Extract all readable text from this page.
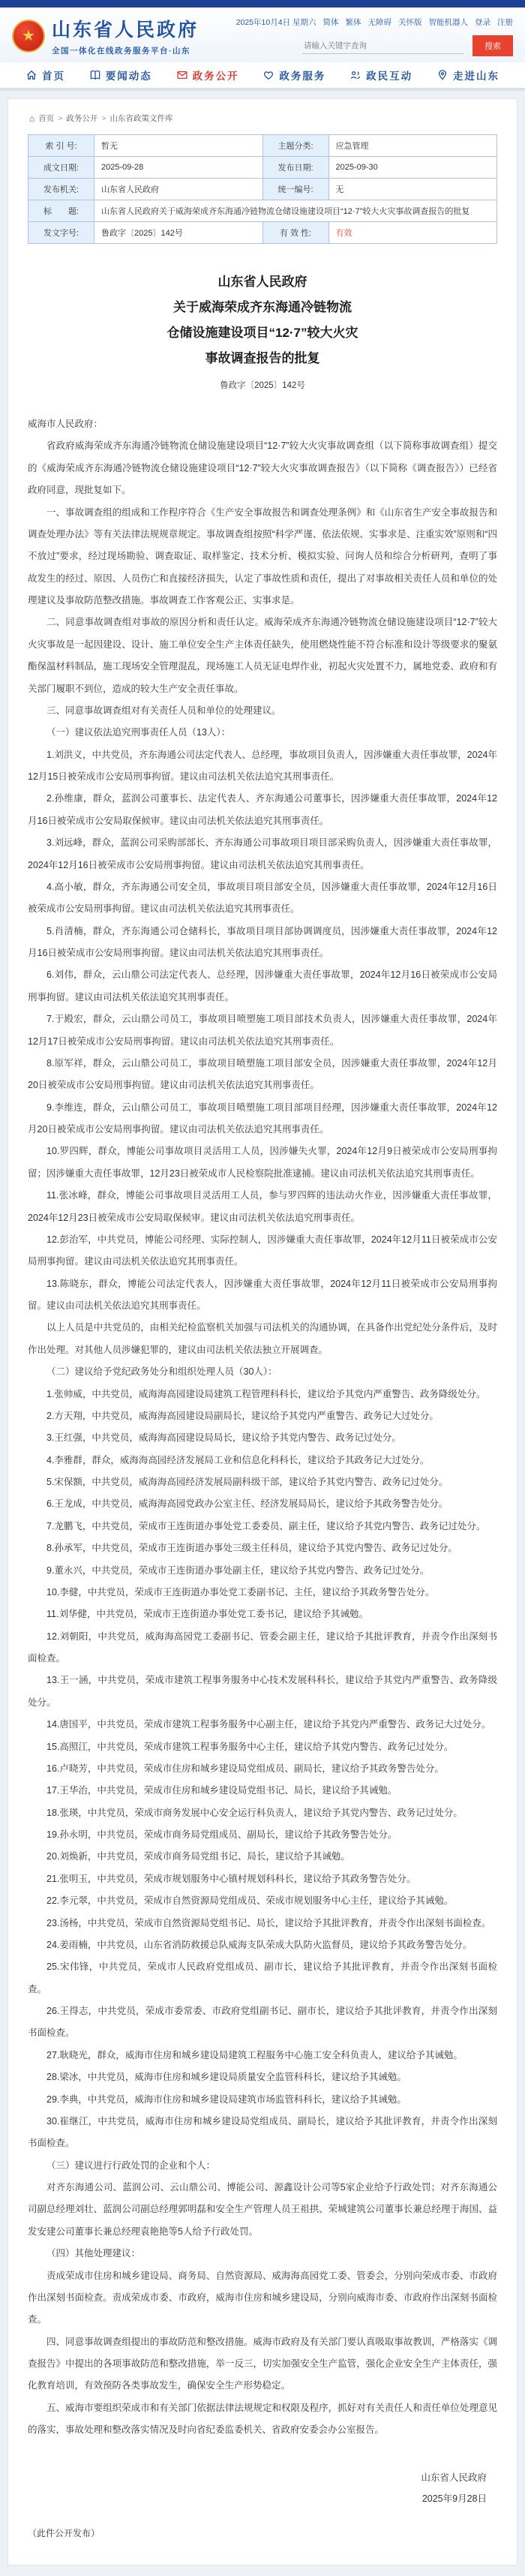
★ 山东省人民政府
全国一体化在线政务服务平台·山东
2025年10月4日 星期六 简体 繁体 无障碍 关怀版 智能机器人 登录 注册
请输入关键字查询
搜索
首页	要闻动态	政务公开	政务服务	政民互动	走进山东
⌂ 首页 > 政务公开 > 山东省政策文件库
索 引 号:	暂无	主题分类:	应急管理
成文日期:	2025-09-28	发布日期:	2025-09-30
发布机关:	山东省人民政府	统一编号:	无
标　　题:	山东省人民政府关于威海荣成齐东海通冷链物流仓储设施建设项目“12·7”较大火灾事故调查报告的批复		
发文字号:	鲁政字〔2025〕142号	有 效 性:	有效
山东省人民政府
关于威海荣成齐东海通冷链物流
仓储设施建设项目“12·7”较大火灾
事故调查报告的批复
鲁政字〔2025〕142号

威海市人民政府：

省政府威海荣成齐东海通冷链物流仓储设施建设项目“12·7”较大火灾事故调查组（以下简称事故调查组）提交的《威海荣成齐东海通冷链物流仓储设施建设项目“12·7”较大火灾事故调查报告》（以下简称《调查报告》）已经省政府同意，现批复如下。

一、事故调查组的组成和工作程序符合《生产安全事故报告和调查处理条例》和《山东省生产安全事故报告和调查处理办法》等有关法律法规规章规定。事故调查组按照“科学严谨、依法依规、实事求是、注重实效”原则和“四不放过”要求，经过现场勘验、调查取证、取样鉴定、技术分析、模拟实验、问询人员和综合分析研判，查明了事故发生的经过、原因、人员伤亡和直接经济损失，认定了事故性质和责任，提出了对事故相关责任人员和单位的处理建议及事故防范整改措施。事故调查工作客观公正、实事求是。

二、同意事故调查组对事故的原因分析和责任认定。威海荣成齐东海通冷链物流仓储设施建设项目“12·7”较大火灾事故是一起因建设、设计、施工单位安全生产主体责任缺失，使用燃烧性能不符合标准和设计等级要求的聚氨酯保温材料制品，施工现场安全管理混乱，现场施工人员无证电焊作业，初起火灾处置不力，属地党委、政府和有关部门履职不到位，造成的较大生产安全责任事故。

三、同意事故调查组对有关责任人员和单位的处理建议。

（一）建议依法追究刑事责任人员（13人）：

1.刘洪义，中共党员，齐东海通公司法定代表人、总经理，事故项目负责人，因涉嫌重大责任事故罪，2024年12月15日被荣成市公安局刑事拘留。建议由司法机关依法追究其刑事责任。

2.孙维康，群众，蓝润公司董事长、法定代表人、齐东海通公司董事长，因涉嫌重大责任事故罪，2024年12月16日被荣成市公安局取保候审。建议由司法机关依法追究其刑事责任。

3.刘远峰，群众，蓝润公司采购部部长、齐东海通公司事故项目项目部采购负责人，因涉嫌重大责任事故罪，2024年12月16日被荣成市公安局刑事拘留。建议由司法机关依法追究其刑事责任。

4.高小敏，群众，齐东海通公司安全员，事故项目项目部安全员，因涉嫌重大责任事故罪，2024年12月16日被荣成市公安局刑事拘留。建议由司法机关依法追究其刑事责任。

5.肖清楠，群众，齐东海通公司仓储科长，事故项目项目部协调调度员，因涉嫌重大责任事故罪，2024年12月16日被荣成市公安局刑事拘留。建议由司法机关依法追究其刑事责任。

6.刘伟，群众，云山鼎公司法定代表人、总经理，因涉嫌重大责任事故罪，2024年12月16日被荣成市公安局刑事拘留。建议由司法机关依法追究其刑事责任。

7.于殿宏，群众，云山鼎公司员工，事故项目喷塑施工项目部技术负责人，因涉嫌重大责任事故罪，2024年12月17日被荣成市公安局刑事拘留。建议由司法机关依法追究其刑事责任。

8.原军祥，群众，云山鼎公司员工，事故项目喷塑施工项目部安全员，因涉嫌重大责任事故罪，2024年12月20日被荣成市公安局刑事拘留。建议由司法机关依法追究其刑事责任。

9.李维连，群众，云山鼎公司员工，事故项目喷塑施工项目部项目经理，因涉嫌重大责任事故罪，2024年12月20日被荣成市公安局刑事拘留。建议由司法机关依法追究其刑事责任。

10.罗四辉，群众，博能公司事故项目灵活用工人员，因涉嫌失火罪，2024年12月9日被荣成市公安局刑事拘留；因涉嫌重大责任事故罪，12月23日被荣成市人民检察院批准逮捕。建议由司法机关依法追究其刑事责任。

11.张冰峰，群众，博能公司事故项目灵活用工人员，参与罗四辉的违法动火作业，因涉嫌重大责任事故罪，2024年12月23日被荣成市公安局取保候审。建议由司法机关依法追究刑事责任。

12.彭治军，中共党员，博能公司经理、实际控制人，因涉嫌重大责任事故罪，2024年12月11日被荣成市公安局刑事拘留。建议由司法机关依法追究其刑事责任。

13.陈晓东，群众，博能公司法定代表人，因涉嫌重大责任事故罪，2024年12月11日被荣成市公安局刑事拘留。建议由司法机关依法追究其刑事责任。

以上人员是中共党员的，由相关纪检监察机关加强与司法机关的沟通协调，在具备作出党纪处分条件后，及时作出处理。对其他人员涉嫌犯罪的，建议由司法机关依法独立开展调查。

（二）建议给予党纪政务处分和组织处理人员（30人）：

1.张帅威，中共党员，威海海高园建设局建筑工程管理科科长，建议给予其党内严重警告、政务降级处分。

2.方天翔，中共党员，威海海高园建设局副局长，建议给予其党内严重警告、政务记大过处分。

3.王红强，中共党员，威海海高园建设局局长，建议给予其党内警告、政务记过处分。

4.李雅群，群众，威海海高园经济发展局工业和信息化科科长，建议给予其政务记大过处分。

5.宋保额，中共党员，威海海高园经济发展局副科级干部，建议给予其党内警告、政务记过处分。

6.王龙成，中共党员，威海海高园党政办公室主任、经济发展局局长，建议给予其政务警告处分。

7.龙鹏飞，中共党员，荣成市王连街道办事处党工委委员、副主任，建议给予其党内警告、政务记过处分。

8.孙承军，中共党员，荣成市王连街道办事处三级主任科员，建议给予其党内警告、政务记过处分。

9.董永兴，中共党员，荣成市王连街道办事处副主任，建议给予其党内警告、政务记过处分。

10.李健，中共党员，荣成市王连街道办事处党工委副书记、主任，建议给予其政务警告处分。

11.刘华健，中共党员，荣成市王连街道办事处党工委书记，建议给予其诫勉。

12.刘朝阳，中共党员，威海海高园党工委副书记、管委会副主任，建议给予其批评教育，并责令作出深刻书面检查。

13.王一涵，中共党员，荣成市建筑工程事务服务中心技术发展科科长，建议给予其党内严重警告、政务降级处分。

14.唐国平，中共党员，荣成市建筑工程事务服务中心副主任，建议给予其党内严重警告、政务记大过处分。

15.高照江，中共党员，荣成市建筑工程事务服务中心主任，建议给予其党内警告、政务记过处分。

16.卢晓芳，中共党员，荣成市住房和城乡建设局党组成员、副局长，建议给予其政务警告处分。

17.王华治，中共党员，荣成市住房和城乡建设局党组书记、局长，建议给予其诫勉。

18.张瑛，中共党员，荣成市商务发展中心安全运行科负责人，建议给予其党内警告、政务记过处分。

19.孙永明，中共党员，荣成市商务局党组成员、副局长，建议给予其政务警告处分。

20.刘焕新，中共党员，荣成市商务局党组书记、局长，建议给予其诫勉。

21.张明玉，中共党员，荣成市规划服务中心镇村规划科科长，建议给予其政务警告处分。

22.李元翠，中共党员，荣成市自然资源局党组成员、荣成市规划服务中心主任，建议给予其诫勉。

23.汤杨，中共党员，荣成市自然资源局党组书记、局长，建议给予其批评教育，并责令作出深刻书面检查。

24.姜雨楠，中共党员，山东省消防救援总队威海支队荣成大队防火监督员，建议给予其政务警告处分。

25.宋伟锋，中共党员，荣成市人民政府党组成员、副市长，建议给予其批评教育，并责令作出深刻书面检查。

26.王得志，中共党员，荣成市委常委、市政府党组副书记、副市长，建议给予其批评教育，并责令作出深刻书面检查。

27.耿晓光，群众，威海市住房和城乡建设局建筑工程服务中心施工安全科负责人，建议给予其诫勉。

28.梁冰，中共党员，威海市住房和城乡建设局质量安全监管科科长，建议给予其诫勉。

29.李典，中共党员，威海市住房和城乡建设局建筑市场监管科科长，建议给予其诫勉。

30.崔继江，中共党员，威海市住房和城乡建设局党组成员、副局长，建议给予其批评教育，并责令作出深刻书面检查。

（三）建议进行行政处罚的企业和个人：

对齐东海通公司、蓝润公司、云山鼎公司、博能公司、源鑫设计公司等5家企业给予行政处罚；对齐东海通公司副总经理刘壮、蓝润公司副总经理郭明磊和安全生产管理人员王祖拱、荣城建筑公司董事长兼总经理于海国、益发安建公司董事长兼总经理袁艳艳等5人给予行政处罚。

（四）其他处理建议：

责成荣成市住房和城乡建设局、商务局、自然资源局、威海海高园党工委、管委会，分别向荣成市委、市政府作出深刻书面检查。责成荣成市委、市政府，威海市住房和城乡建设局，分别向威海市委、市政府作出深刻书面检查。

四、同意事故调查组提出的事故防范和整改措施。威海市政府及有关部门要认真吸取事故教训，严格落实《调查报告》中提出的各项事故防范和整改措施，举一反三，切实加强安全生产监管，强化企业安全生产主体责任，强化教育培训，有效预防各类事故发生，确保安全生产形势稳定。

五、威海市要组织荣成市和有关部门依据法律法规规定和权限及程序，抓好对有关责任人和责任单位处理意见的落实，事故处理和整改落实情况及时向省纪委监委机关、省政府安委会办公室报告。

山东省人民政府
2025年9月28日
（此件公开发布）
